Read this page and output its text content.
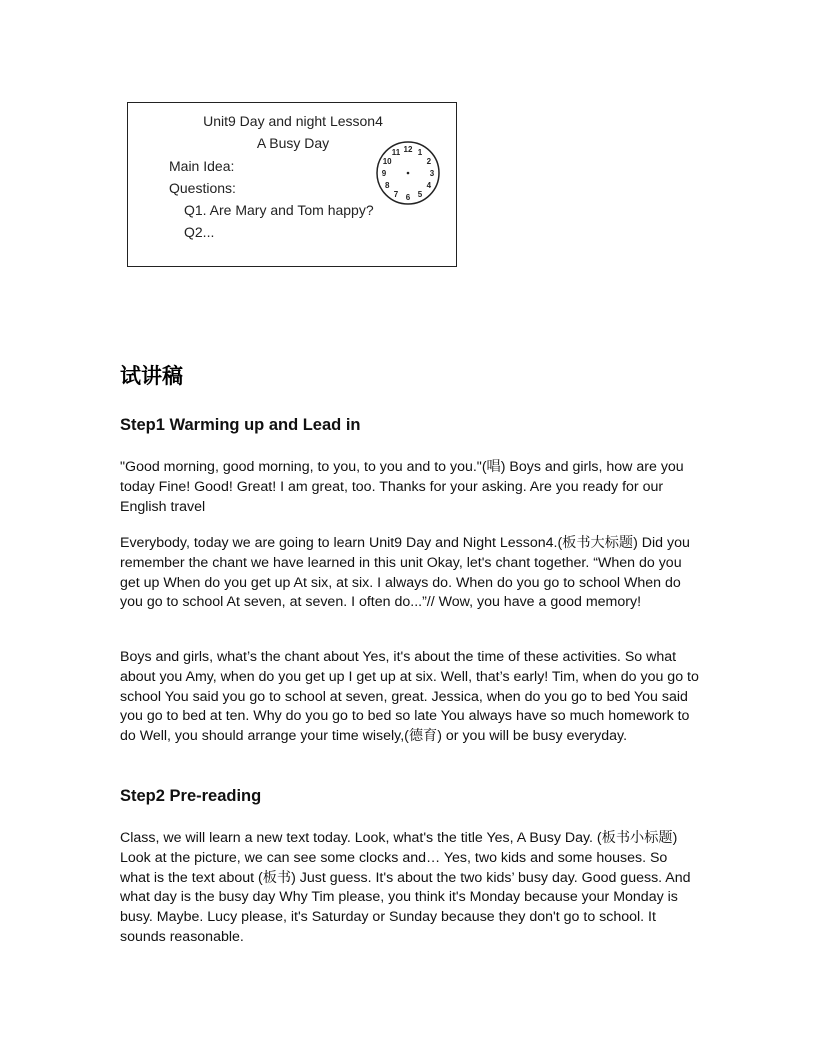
Unit9 Day and night Lesson4
A Busy Day
Main Idea:
Questions:
Q1. Are Mary and Tom happy?
Q2...
12 1
2
3
4
5
6
7
8
9
10
11
试讲稿
Step1 Warming up and Lead in

"Good morning, good morning, to you, to you and to you."(唱) Boys and girls, how are you today Fine! Good! Great! I am great, too. Thanks for your asking. Are you ready for our English travel

Everybody, today we are going to learn Unit9 Day and Night Lesson4.(板书大标题) Did you remember the chant we have learned in this unit Okay, let's chant together. “When do you get up When do you get up At six, at six. I always do. When do you go to school When do you go to school At seven, at seven. I often do...”// Wow, you have a good memory!

Boys and girls, what’s the chant about Yes, it's about the time of these activities. So what about you Amy, when do you get up I get up at six. Well, that’s early! Tim, when do you go to school You said you go to school at seven, great. Jessica, when do you go to bed You said you go to bed at ten. Why do you go to bed so late You always have so much homework to do Well, you should arrange your time wisely,(德育) or you will be busy everyday.

Step2 Pre-reading

Class, we will learn a new text today. Look, what's the title Yes, A Busy Day. (板书小标题) Look at the picture, we can see some clocks and… Yes, two kids and some houses. So what is the text about (板书) Just guess. It's about the two kids’ busy day. Good guess. And what day is the busy day Why Tim please, you think it's Monday because your Monday is busy. Maybe. Lucy please, it's Saturday or Sunday because they don't go to school. It sounds reasonable.
